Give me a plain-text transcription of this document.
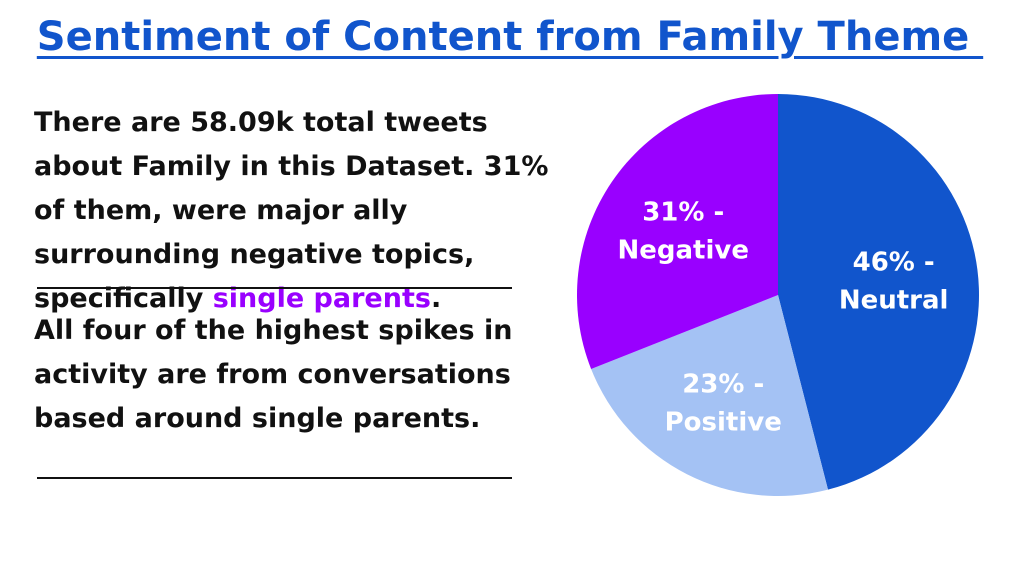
Sentiment of Content from Family Theme

There are 58.09k total tweets about Family in this Dataset. 31% of them, were major ally surrounding negative topics, specifically single parents.

All four of the highest spikes in activity are from conversations based around single parents.

46% -
Neutral
23% -
Positive
31% -
Negative
